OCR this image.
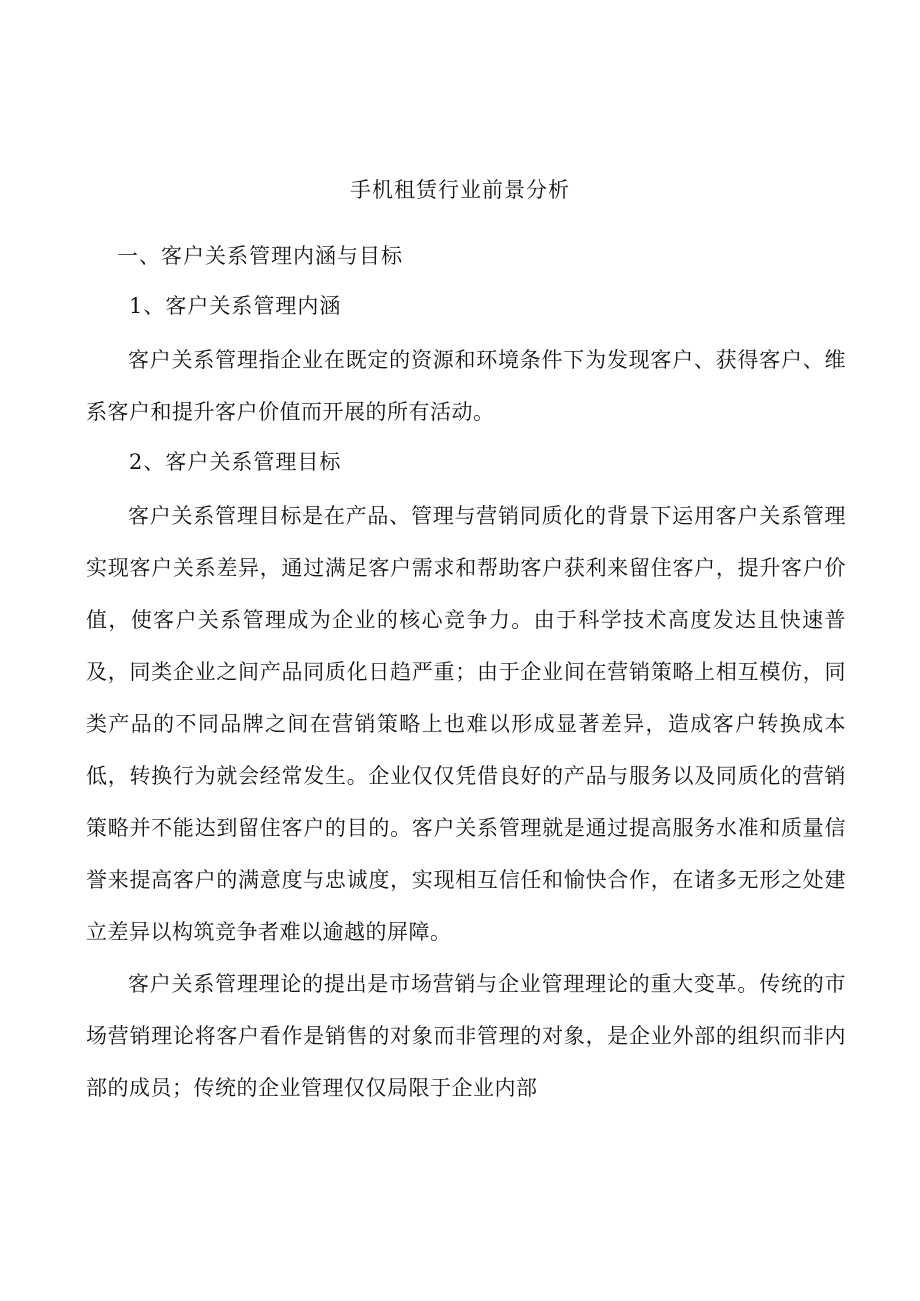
手机租赁行业前景分析
一、客户关系管理内涵与目标
1、客户关系管理内涵

客户关系管理指企业在既定的资源和环境条件下为发现客户、获得客户、维系客户和提升客户价值而开展的所有活动。

2、客户关系管理目标

客户关系管理目标是在产品、管理与营销同质化的背景下运用客户关系管理实现客户关系差异，通过满足客户需求和帮助客户获利来留住客户，提升客户价值，使客户关系管理成为企业的核心竞争力。由于科学技术高度发达且快速普及，同类企业之间产品同质化日趋严重；由于企业间在营销策略上相互模仿，同类产品的不同品牌之间在营销策略上也难以形成显著差异，造成客户转换成本低，转换行为就会经常发生。企业仅仅凭借良好的产品与服务以及同质化的营销策略并不能达到留住客户的目的。客户关系管理就是通过提高服务水准和质量信誉来提高客户的满意度与忠诚度，实现相互信任和愉快合作，在诸多无形之处建立差异以构筑竞争者难以逾越的屏障。

客户关系管理理论的提出是市场营销与企业管理理论的重大变革。传统的市场营销理论将客户看作是销售的对象而非管理的对象，是企业外部的组织而非内部的成员；传统的企业管理仅仅局限于企业内部
